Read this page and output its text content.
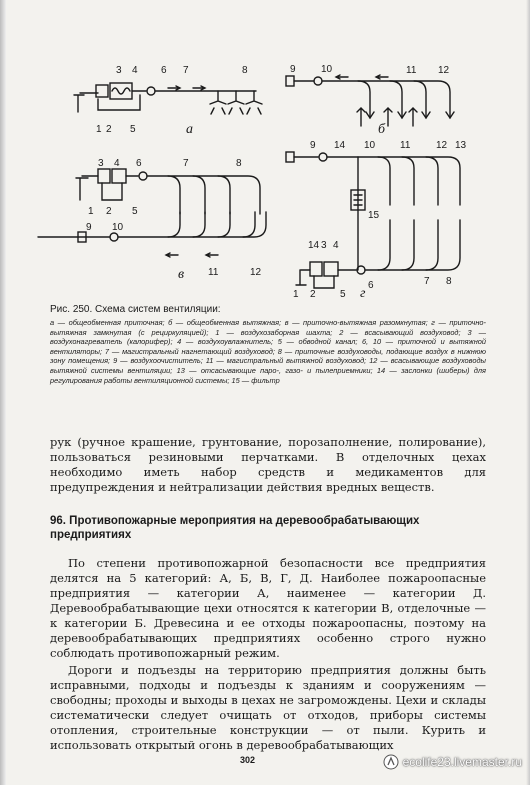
а	б
в
г
1 2
3 4
5
6 7	8	9	10	11 12
13
1 2
3 4
5
6	7	8
9 10
11	12
9 14 10 11	12
15
14 3 4
6
1 2 5
7 8
Рис. 250. Схема систем вентиляции:
а — общеобменная приточная; б — общеобменная вытяжная; в — приточно-вытяжная разомкнутая; г — приточно-вытяжная замкнутая (с рециркуляцией); 1 — воздухозаборная шахта; 2 — всасывающий воздуховод; 3 — воздухонагреватель (калорифер); 4 — воздухоувлажнитель; 5 — обводной канал; 6, 10 — приточной и вытяжной вентиляторы; 7 — магистральный нагнетающий воздуховод; 8 — приточные воздуховоды, подающие воздух в нижнюю зону помещения; 9 — воздухоочиститель; 11 — магистральный вытяжной воздуховод; 12 — всасывающие воздуховоды вытяжной системы вентиляции; 13 — отсасывающие паро-, газо- и пылеприемники; 14 — заслонки (шиберы) для регулирования работы вентиляционной системы; 15 — фильтр

рук (ручное крашение, грунтование, порозаполнение, полирование), пользоваться резиновыми перчатками. В отделочных цехах необходимо иметь набор средств и медикаментов для предупреждения и нейтрализации действия вредных веществ.

96. Противопожарные мероприятия на деревообрабатывающих предприятиях

По степени противопожарной безопасности все предприятия делятся на 5 категорий: А, Б, В, Г, Д. Наиболее пожароопасные предприятия — категории А, наименее — категории Д. Деревообрабатывающие цехи относятся к категории В, отделочные — к категории Б. Древесина и ее отходы пожароопасны, поэтому на деревообрабатывающих предприятиях особенно строго нужно соблюдать противопожарный режим.

Дороги и подъезды на территорию предприятия должны быть исправными, подходы и подъезды к зданиям и сооружениям — свободны; проходы и выходы в цехах не загромождены. Цехи и склады систематически следует очищать от отходов, приборы системы отопления, строительные конструкции — от пыли. Курить и использовать открытый огонь в деревообрабатывающих

302	ecolife23.livemaster.ru
